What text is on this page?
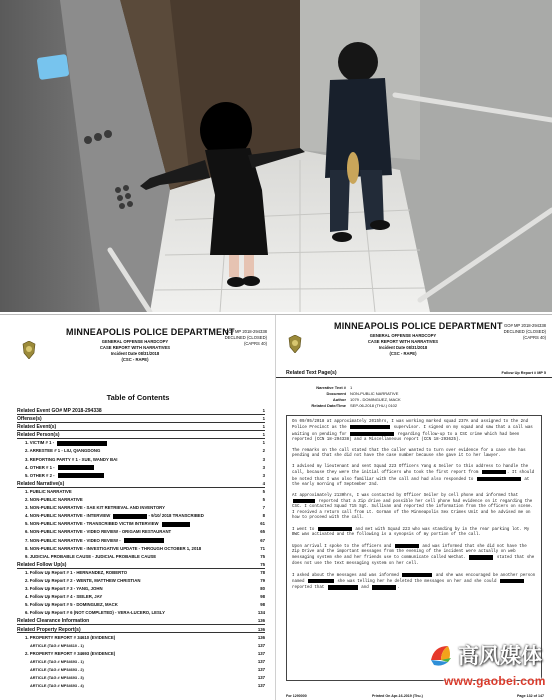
MINNEAPOLIS POLICE DEPARTMENT
GENERAL OFFENSE HARDCOPY
CASE REPORT WITH NARRATIVES
Incident Date 08/31/2018
(CSC - RAPE)
GO# MP 2018-294338
DECLINED (CLOSED)
(CAPRS 40)
Table of Contents
Related Event GO# MP 2018-294338	1
Offense(s)	1
Related Event(s)	1
Related Person(s)	1
1. VICTIM # 1 -	1
2. ARRESTEE # 1 - LIU, QIANGDONG	2
3. REPORTING PARTY # 1 - XUE, WANDY BAI	3
4. OTHER # 1 -	3
5. OTHER # 2 -	3
Related Narrative(s)	4
1. PUBLIC NARRATIVE	5
2. NON-PUBLIC NARRATIVE	5
3. NON-PUBLIC NARRATIVE - SAE KIT RETRIEVAL AND INVENTORY	7
4. NON-PUBLIC NARRATIVE - INTERVIEW	- 9/10/ 2018 TRANSCRIBED	8
5. NON-PUBLIC NARRATIVE - TRANSCRIBED VICTIM INTERVIEW	61
6. NON-PUBLIC NARRATIVE - VIDEO REVIEW - ORIGAMI RESTAURANT	65
7. NON-PUBLIC NARRATIVE - VIDEO REVIEW -	67
8. NON-PUBLIC NARRATIVE - INVESTIGATIVE UPDATE - THROUGH OCTOBER 1, 2018	71
9. JUDICIAL PROBABLE CAUSE - JUDICIAL PROBABLE CAUSE	75
Related Follow Up(s)	75
1. Follow Up Report # 1 - HERNANDEZ, ROBERTO	78
2. Follow Up Report # 2 - WENTE, MATTHEW CHRISTIAN	79
3. Follow Up Report # 3 - YANG, JOHN	80
4. Follow Up Report # 4 - SEILER, JAY	98
5. Follow Up Report # 5 - DOMINGUEZ, MACK	98
6. Follow Up Report # 6 (NOT COMPLETED) - VERA-LUCERO, LESLY	134
Related Clearance Information	136
Related Property Report(s)	136
1. PROPERTY REPORT # 34610 (EVIDENCE)	136
ARTICLE (TAG # MP34610 - 1)	137
2. PROPERTY REPORT # 34693 (EVIDENCE)	137
ARTICLE (TAG # MP34693 - 1)	137
ARTICLE (TAG # MP34693 - 2)	137
ARTICLE (TAG # MP34693 - 3)	137
ARTICLE (TAG # MP34693 - 4)	137
MINNEAPOLIS POLICE DEPARTMENT
GENERAL OFFENSE HARDCOPY
CASE REPORT WITH NARRATIVES
Incident Date 08/31/2018
(CSC - RAPE)
GO# MP 2018-294338
DECLINED (CLOSED)
(CAPRS 40)
Related Text Page(s)	Follow Up Report # MP 5
Narrative Text # 1
Document NON-PUBLIC NARRATIVE
Author 1079 - DOMINGUEZ, MACK
Related Date/Time SEP-06-2018 (THU.) 0102

On 09/05/2018 at approximately 2015hrs, I was working marked squad 237A and assigned to the 2nd Police Precinct as the	supervisor. I signed on my squad and saw that a call was waiting on pending for	regarding follow-up to a CSC crime which had been reported (CCN 18-294338) and a Miscellaneous report (CCN 18-293625).

The remarks on the call stated that the caller wanted to turn over evidence for a case she has pending and that she did not have the case number because she gave it to her lawyer.

I advised my lieutenant and sent Squad 223 Officers Yang & Seiler to this address to handle the call, because they were the initial officers who took the first report from	. It should be noted that I was also familiar with the call and had also responded to	at the early morning of September 2nd.

At approximately 2130hrs, I was contacted by Officer Seiler by cell phone and informed that  reported that a Zip drive and possible her cell phone had evidence on it regarding the CSC. I contacted Squad 715 Sgt. Sullivan and reported the information from the officers on scene. I received a return call from Lt. Gorman of the Minneapolis Sex Crimes Unit and he advised me on how to proceed with the call.

I went to	and met with Squad 223 who was standing by in the rear parking lot. My BWC was activated and the following is a synopsis of my portion of the call.

Upon arrival I spoke to the officers and	and was informed that she did not have the Zip Drive and the important messages from the evening of the incident were actually on web messaging system she and her friends use to communicate called WeChat.	stated that she does not use the text messaging system on her cell.

I asked about the messages and was informed	and she was encouraged be another person named	she was telling her he deleted the messages on her and she could  reported that	and	.

For 1290000	Printed On Apr-16-2019 (Thu.)	Page 132 of 147
高风媒体
www.gaobei.com
